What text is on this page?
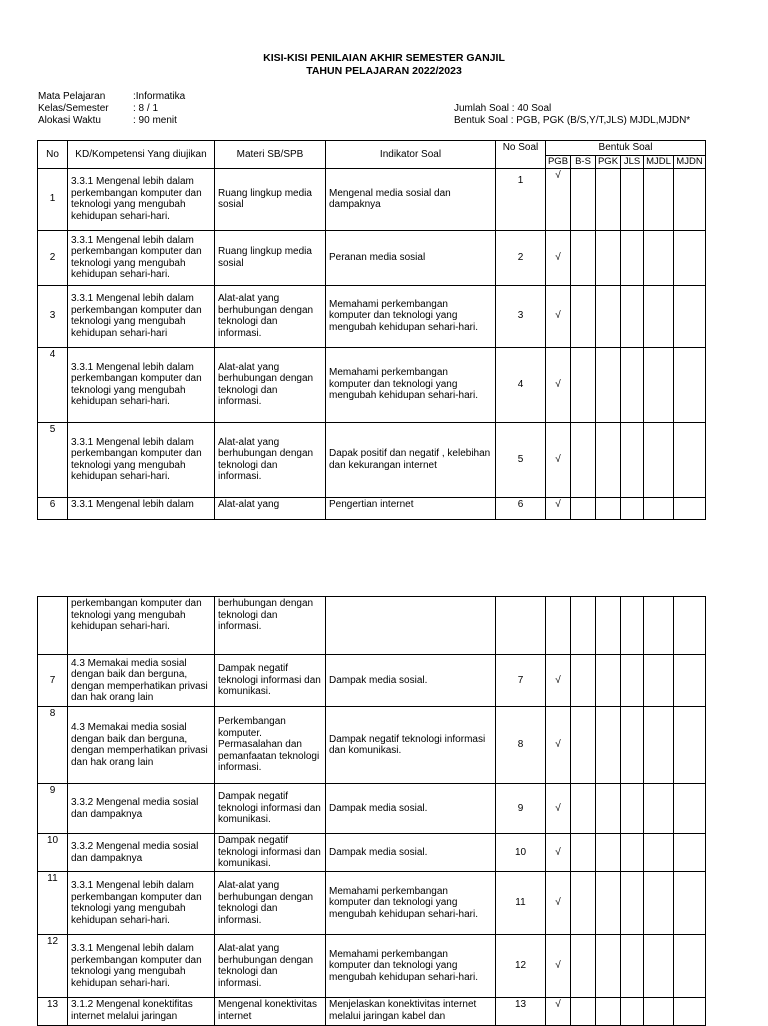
KISI-KISI PENILAIAN AKHIR SEMESTER GANJIL
TAHUN PELAJARAN 2022/2023
Mata Pelajaran	:Informatika
Kelas/Semester : 8 / 1
Alokasi Waktu	: 90 menit
Jumlah Soal : 40 Soal
Bentuk Soal : PGB, PGK (B/S,Y/T,JLS) MJDL,MJDN*
No	KD/Kompetensi Yang diujikan	Materi SB/SPB	Indikator Soal	No Soal	Bentuk Soal					
					PGB	B-S	PGK	JLS	MJDL	MJDN
1	3.3.1 Mengenal lebih dalam perkembangan komputer dan teknologi yang mengubah kehidupan sehari-hari.	Ruang lingkup media sosial	Mengenal media sosial dan dampaknya	1	√					
2	3.3.1 Mengenal lebih dalam perkembangan komputer dan teknologi yang mengubah kehidupan sehari-hari.	Ruang lingkup media sosial	Peranan media sosial	2	√					
3	3.3.1 Mengenal lebih dalam perkembangan komputer dan teknologi yang mengubah kehidupan sehari-hari	Alat-alat yang berhubungan dengan teknologi dan informasi.	Memahami perkembangan komputer dan teknologi yang mengubah kehidupan sehari-hari.	3	√					
4	3.3.1 Mengenal lebih dalam perkembangan komputer dan teknologi yang mengubah kehidupan sehari-hari.	Alat-alat yang berhubungan dengan teknologi dan informasi.	Memahami perkembangan komputer dan teknologi yang mengubah kehidupan sehari-hari.	4	√					
5	3.3.1 Mengenal lebih dalam perkembangan komputer dan teknologi yang mengubah kehidupan sehari-hari.	Alat-alat yang berhubungan dengan teknologi dan informasi.	Dapak positif dan negatif , kelebihan dan kekurangan internet	5	√					
6	3.3.1 Mengenal lebih dalam	Alat-alat yang	Pengertian internet	6	√					
	perkembangan komputer dan teknologi yang mengubah kehidupan sehari-hari.	berhubungan dengan teknologi dan informasi.								
7	4.3 Memakai media sosial dengan baik dan berguna, dengan memperhatikan privasi dan hak orang lain	Dampak negatif teknologi informasi dan komunikasi.	Dampak media sosial.	7	√					
8	4.3 Memakai media sosial dengan baik dan berguna, dengan memperhatikan privasi dan hak orang lain	Perkembangan komputer. Permasalahan dan pemanfaatan teknologi informasi.	Dampak negatif teknologi informasi dan komunikasi.	8	√					
9	3.3.2 Mengenal media sosial dan dampaknya	Dampak negatif teknologi informasi dan komunikasi.	Dampak media sosial.	9	√					
10	3.3.2 Mengenal media sosial dan dampaknya	Dampak negatif teknologi informasi dan komunikasi.	Dampak media sosial.	10	√					
11	3.3.1 Mengenal lebih dalam perkembangan komputer dan teknologi yang mengubah kehidupan sehari-hari.	Alat-alat yang berhubungan dengan teknologi dan informasi.	Memahami perkembangan komputer dan teknologi yang mengubah kehidupan sehari-hari.	11	√					
12	3.3.1 Mengenal lebih dalam perkembangan komputer dan teknologi yang mengubah kehidupan sehari-hari.	Alat-alat yang berhubungan dengan teknologi dan informasi.	Memahami perkembangan komputer dan teknologi yang mengubah kehidupan sehari-hari.	12	√					
13	3.1.2 Mengenal konektifitas internet melalui jaringan	Mengenal konektivitas internet	Menjelaskan konektivitas internet melalui jaringan kabel dan	13	√					
